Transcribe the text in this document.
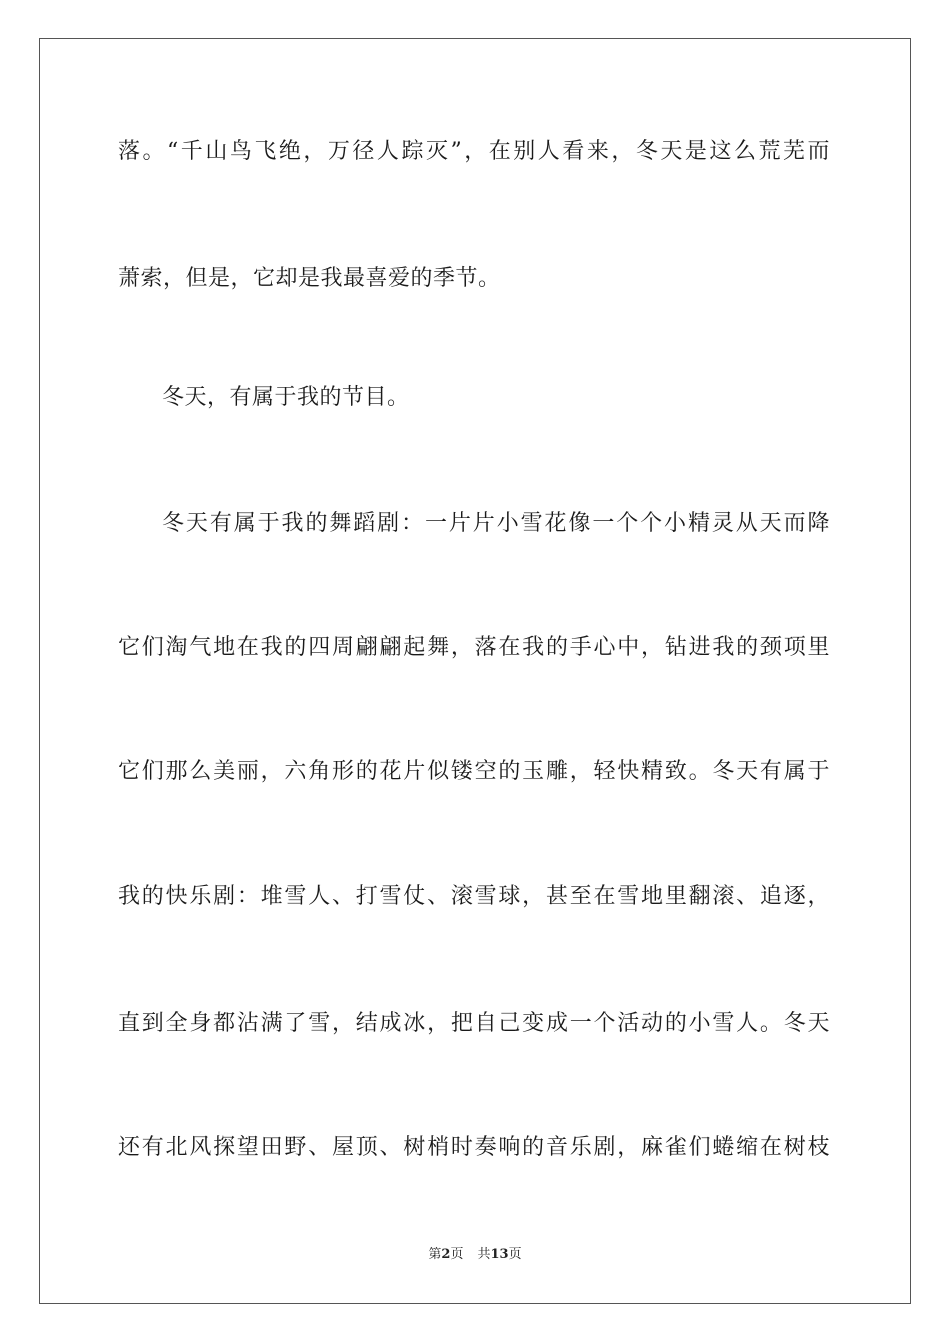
落。“千山鸟飞绝，万径人踪灭”，在别人看来，冬天是这么荒芜而
萧索，但是，它却是我最喜爱的季节。
冬天，有属于我的节目。
冬天有属于我的舞蹈剧：一片片小雪花像一个个小精灵从天而降
它们淘气地在我的四周翩翩起舞，落在我的手心中，钻进我的颈项里
它们那么美丽，六角形的花片似镂空的玉雕，轻快精致。冬天有属于
我的快乐剧：堆雪人、打雪仗、滚雪球，甚至在雪地里翻滚、追逐，
直到全身都沾满了雪，结成冰，把自己变成一个活动的小雪人。冬天
还有北风探望田野、屋顶、树梢时奏响的音乐剧，麻雀们蜷缩在树枝
第2页 共13页
